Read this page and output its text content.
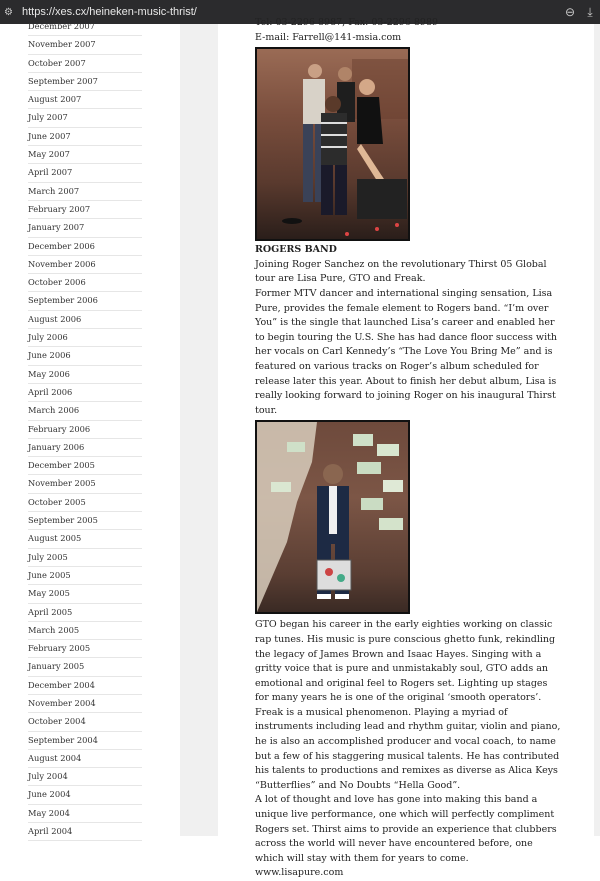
⚙ https://xes.cx/heineken-music-thrist/	⊖	⤓
December 2007
November 2007
October 2007
September 2007
August 2007
July 2007
June 2007
May 2007
April 2007
March 2007
February 2007
January 2007
December 2006
November 2006
October 2006
September 2006
August 2006
July 2006
June 2006
May 2006
April 2006
March 2006
February 2006
January 2006
December 2005
November 2005
October 2005
September 2005
August 2005
July 2005
June 2005
May 2005
April 2005
March 2005
February 2005
January 2005
December 2004
November 2004
October 2004
September 2004
August 2004
July 2004
June 2004
May 2004
April 2004

Tel: 03-2296 8987, Fax: 03-2296 8989

E-mail: Farrell@141-msia.com

ROGERS BAND

Joining Roger Sanchez on the revolutionary Thirst 05 Global tour are Lisa Pure, GTO and Freak.

Former MTV dancer and international singing sensation, Lisa Pure, provides the female element to Rogers band. “I’m over You” is the single that launched Lisa’s career and enabled her to begin touring the U.S. She has had dance floor success with her vocals on Carl Kennedy’s “The Love You Bring Me” and is featured on various tracks on Roger’s album scheduled for release later this year. About to finish her debut album, Lisa is really looking forward to joining Roger on his inaugural Thirst tour.

GTO began his career in the early eighties working on classic rap tunes. His music is pure conscious ghetto funk, rekindling the legacy of James Brown and Isaac Hayes. Singing with a gritty voice that is pure and unmistakably soul, GTO adds an emotional and original feel to Rogers set. Lighting up stages for many years he is one of the original ‘smooth operators’.

Freak is a musical phenomenon. Playing a myriad of instruments including lead and rhythm guitar, violin and piano, he is also an accomplished producer and vocal coach, to name but a few of his staggering musical talents. He has contributed his talents to productions and remixes as diverse as Alica Keys “Butterflies” and No Doubts “Hella Good”.

A lot of thought and love has gone into making this band a unique live performance, one which will perfectly compliment Rogers set. Thirst aims to provide an experience that clubbers across the world will never have encountered before, one which will stay with them for years to come.

www.lisapure.com
